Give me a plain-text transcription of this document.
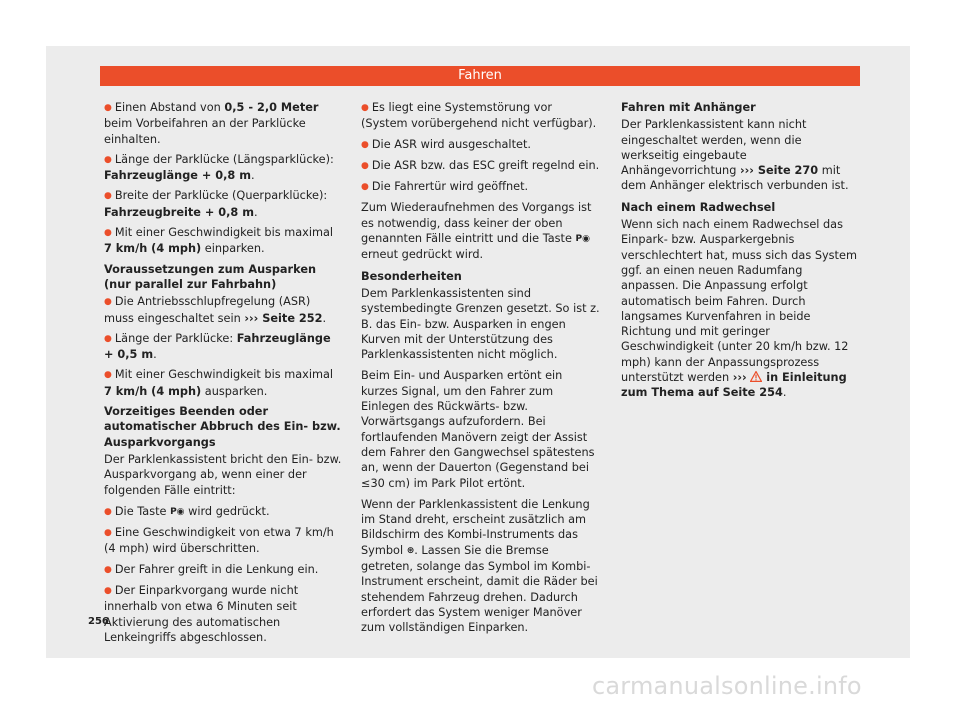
Fahren

● Einen Abstand von 0,5 - 2,0 Meter beim Vorbeifahren an der Parklücke einhalten.

● Länge der Parklücke (Längsparklücke): Fahrzeuglänge + 0,8 m.

● Breite der Parklücke (Querparklücke): Fahrzeugbreite + 0,8 m.

● Mit einer Geschwindigkeit bis maximal 7 km/h (4 mph) einparken.

Voraussetzungen zum Ausparken (nur parallel zur Fahrbahn)

● Die Antriebsschlupfregelung (ASR) muss eingeschaltet sein ››› Seite 252.

● Länge der Parklücke: Fahrzeuglänge + 0,5 m.

● Mit einer Geschwindigkeit bis maximal 7 km/h (4 mph) ausparken.

Vorzeitiges Beenden oder automatischer Abbruch des Ein- bzw. Ausparkvorgangs

Der Parklenkassistent bricht den Ein- bzw. Ausparkvorgang ab, wenn einer der folgenden Fälle eintritt:

● Die Taste P◉ wird gedrückt.

● Eine Geschwindigkeit von etwa 7 km/h (4 mph) wird überschritten.

● Der Fahrer greift in die Lenkung ein.

● Der Einparkvorgang wurde nicht innerhalb von etwa 6 Minuten seit Aktivierung des automatischen Lenkeingriffs abgeschlossen.

● Es liegt eine Systemstörung vor (System vorübergehend nicht verfügbar).

● Die ASR wird ausgeschaltet.

● Die ASR bzw. das ESC greift regelnd ein.

● Die Fahrertür wird geöffnet.

Zum Wiederaufnehmen des Vorgangs ist es notwendig, dass keiner der oben genannten Fälle eintritt und die Taste P◉ erneut gedrückt wird.

Besonderheiten

Dem Parklenkassistenten sind systembedingte Grenzen gesetzt. So ist z. B. das Ein- bzw. Ausparken in engen Kurven mit der Unterstützung des Parklenkassistenten nicht möglich.

Beim Ein- und Ausparken ertönt ein kurzes Signal, um den Fahrer zum Einlegen des Rückwärts- bzw. Vorwärtsgangs aufzufordern. Bei fortlaufenden Manövern zeigt der Assist dem Fahrer den Gangwechsel spätestens an, wenn der Dauerton (Gegenstand bei ≤30 cm) im Park Pilot ertönt.

Wenn der Parklenkassistent die Lenkung im Stand dreht, erscheint zusätzlich am Bildschirm des Kombi-Instruments das Symbol ⊛. Lassen Sie die Bremse getreten, solange das Symbol im Kombi-Instrument erscheint, damit die Räder bei stehendem Fahrzeug drehen. Dadurch erfordert das System weniger Manöver zum vollständigen Einparken.

Fahren mit Anhänger

Der Parklenkassistent kann nicht eingeschaltet werden, wenn die werkseitig eingebaute Anhängevorrichtung ››› Seite 270 mit dem Anhänger elektrisch verbunden ist.

Nach einem Radwechsel

Wenn sich nach einem Radwechsel das Einpark- bzw. Ausparkergebnis verschlechtert hat, muss sich das System ggf. an einen neuen Radumfang anpassen. Die Anpassung erfolgt automatisch beim Fahren. Durch langsames Kurvenfahren in beide Richtung und mit geringer Geschwindigkeit (unter 20 km/h bzw. 12 mph) kann der Anpassungsprozess unterstützt werden ›››  in Einleitung zum Thema auf Seite 254.

256
carmanualsonline.info
